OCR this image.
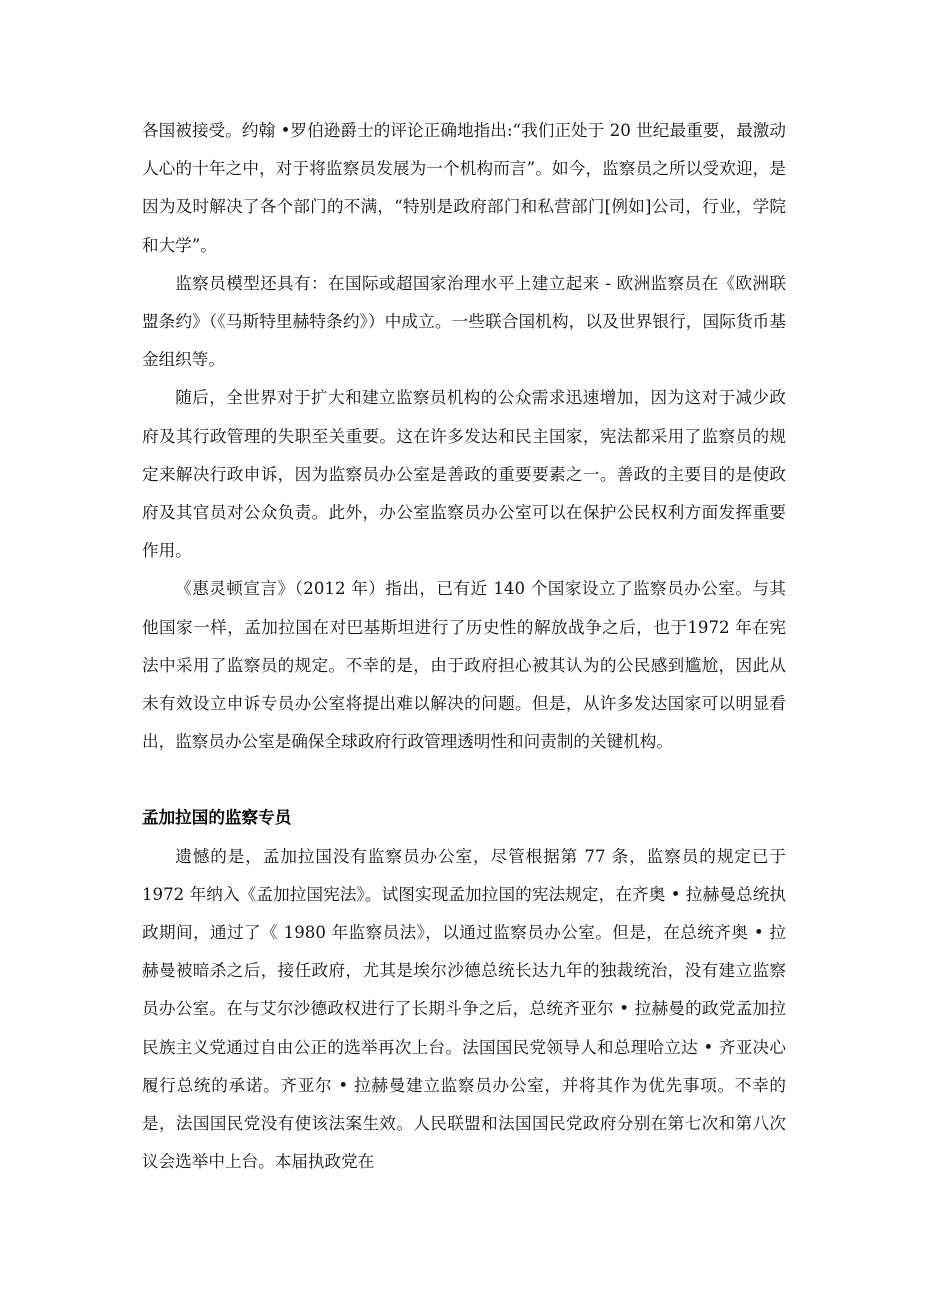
各国被接受。约翰 •罗伯逊爵士的评论正确地指出:“我们正处于 20 世纪最重要，最激动人心的十年之中，对于将监察员发展为一个机构而言”。如今，监察员之所以受欢迎，是因为及时解决了各个部门的不满，“特别是政府部门和私营部门[例如]公司，行业，学院和大学”。

监察员模型还具有：在国际或超国家治理水平上建立起来 - 欧洲监察员在《欧洲联盟条约》（《马斯特里赫特条约》）中成立。一些联合国机构，以及世界银行，国际货币基金组织等。

随后，全世界对于扩大和建立监察员机构的公众需求迅速增加，因为这对于减少政府及其行政管理的失职至关重要。这在许多发达和民主国家，宪法都采用了监察员的规定来解决行政申诉，因为监察员办公室是善政的重要要素之一。善政的主要目的是使政府及其官员对公众负责。此外，办公室监察员办公室可以在保护公民权利方面发挥重要作用。

《惠灵顿宣言》（2012 年）指出，已有近 140 个国家设立了监察员办公室。与其他国家一样，孟加拉国在对巴基斯坦进行了历史性的解放战争之后，也于1972 年在宪法中采用了监察员的规定。不幸的是，由于政府担心被其认为的公民感到尴尬，因此从未有效设立申诉专员办公室将提出难以解决的问题。但是，从许多发达国家可以明显看出，监察员办公室是确保全球政府行政管理透明性和问责制的关键机构。

孟加拉国的监察专员

遗憾的是，孟加拉国没有监察员办公室，尽管根据第 77 条，监察员的规定已于 1972 年纳入《孟加拉国宪法》。试图实现孟加拉国的宪法规定，在齐奥 • 拉赫曼总统执政期间，通过了《 1980 年监察员法》，以通过监察员办公室。但是，在总统齐奥 • 拉赫曼被暗杀之后，接任政府，尤其是埃尔沙德总统长达九年的独裁统治，没有建立监察员办公室。在与艾尔沙德政权进行了长期斗争之后，总统齐亚尔 • 拉赫曼的政党孟加拉民族主义党通过自由公正的选举再次上台。法国国民党领导人和总理哈立达 • 齐亚决心履行总统的承诺。齐亚尔 • 拉赫曼建立监察员办公室，并将其作为优先事项。不幸的是，法国国民党没有使该法案生效。人民联盟和法国国民党政府分别在第七次和第八次议会选举中上台。本届执政党在
